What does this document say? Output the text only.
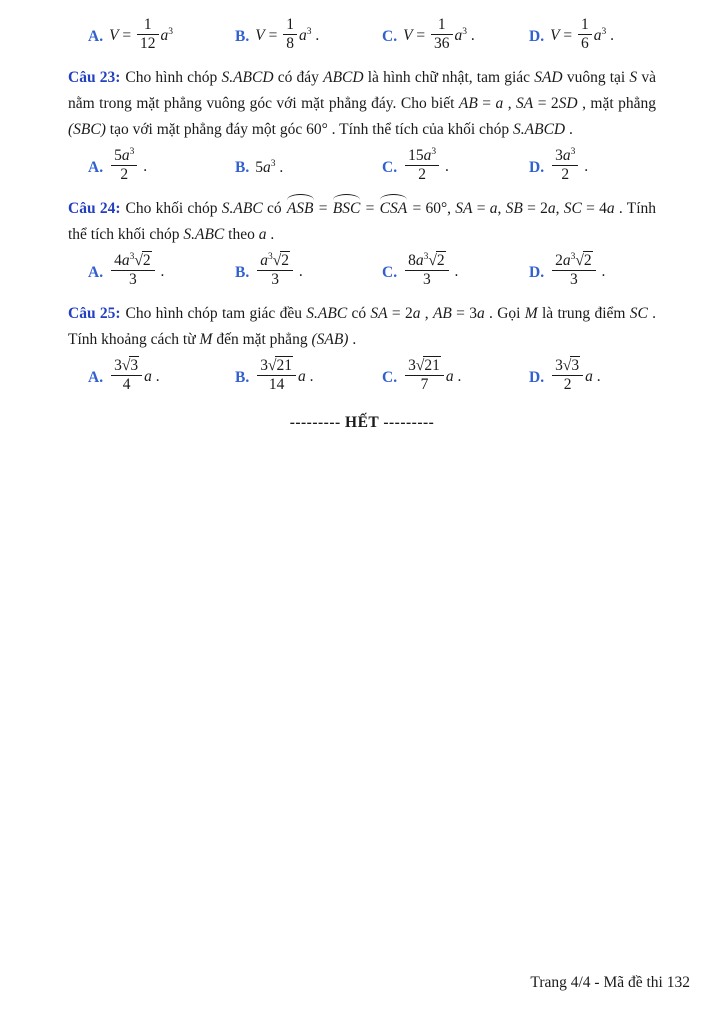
A. $V = \frac{1}{12} a^3$	B. $V = \frac{1}{8} a^3$ .	C. $V = \frac{1}{36} a^3$ .	D. $V = \frac{1}{6} a^3$ .

Câu 23: Cho hình chóp S.ABCD có đáy ABCD là hình chữ nhật, tam giác SAD vuông tại S và nằm trong mặt phẳng vuông góc với mặt phẳng đáy. Cho biết AB = a , SA = 2SD , mặt phẳng (SBC) tạo với mặt phẳng đáy một góc 60° . Tính thể tích của khối chóp S.ABCD .

A. $\frac{5a^3}{2}$ .	B. $5a^3$ .	C. $\frac{15a^3}{2}$ .	D. $\frac{3a^3}{2}$ .

Câu 24: Cho khối chóp S.ABC có ASB = BSC = CSA = 60°, SA = a, SB = 2a, SC = 4a . Tính thể tích khối chóp S.ABC theo a .

A. $\frac{4a^3√2}{3}$ .	B. $\frac{a^3√2}{3}$ .	C. $\frac{8a^3√2}{3}$ .	D. $\frac{2a^3√2}{3}$ .

Câu 25: Cho hình chóp tam giác đều S.ABC có SA = 2a , AB = 3a . Gọi M là trung điểm SC . Tính khoảng cách từ M đến mặt phẳng (SAB) .

A. $\frac{3√3}{4}$ a .	B. $\frac{3√21}{14}$ a .	C. $\frac{3√21}{7}$ a .	D. $\frac{3√3}{2}$ a .
--------- HẾT ---------
Trang 4/4 - Mã đề thi 132
